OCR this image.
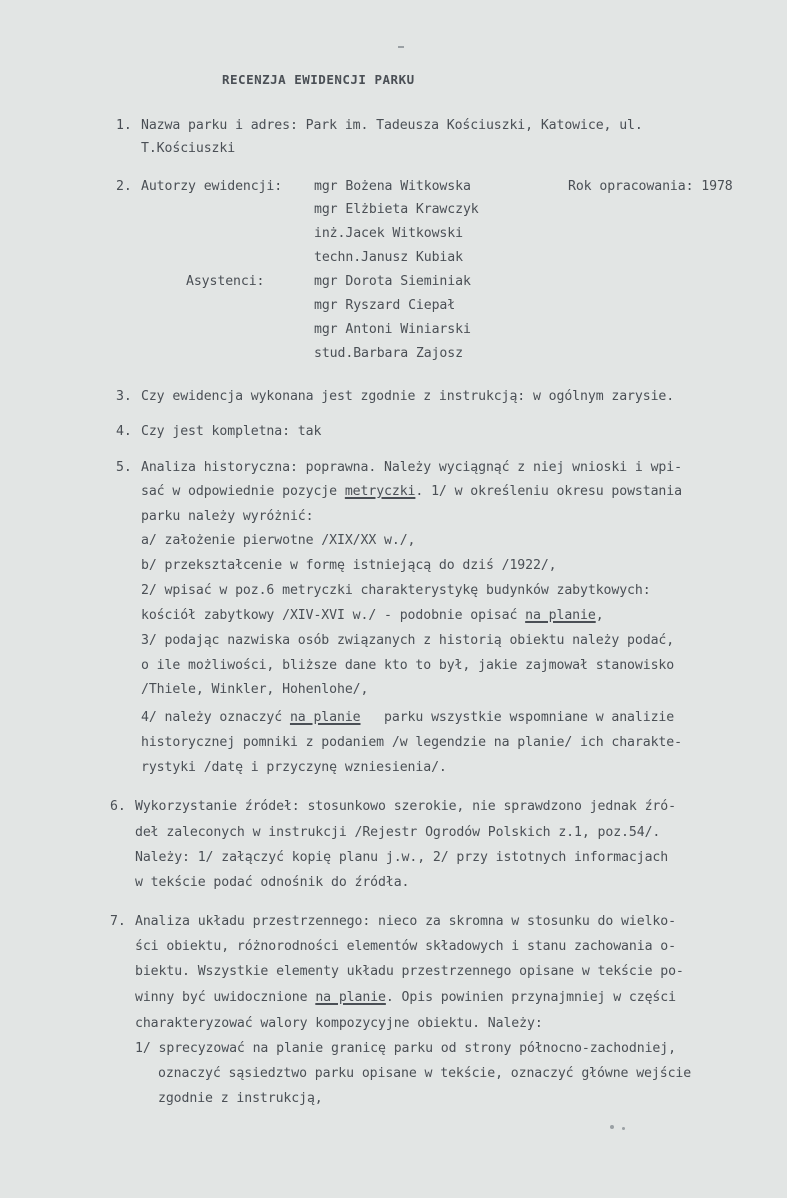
RECENZJA EWIDENCJI PARKU
1. Nazwa parku i adres: Park im. Tadeusza Kościuszki, Katowice, ul.
T.Kościuszki
2. Autorzy ewidencji: mgr Bożena Witkowska	Rok opracowania: 1978
mgr Elżbieta Krawczyk
inż.Jacek Witkowski
techn.Janusz Kubiak
Asystenci:	mgr Dorota Sieminiak
mgr Ryszard Ciepał
mgr Antoni Winiarski
stud.Barbara Zajosz
3. Czy ewidencja wykonana jest zgodnie z instrukcją: w ogólnym zarysie.
4. Czy jest kompletna: tak
5. Analiza historyczna: poprawna. Należy wyciągnąć z niej wnioski i wpi-
sać w odpowiednie pozycje metryczki. 1/ w określeniu okresu powstania
parku należy wyróżnić:
a/ założenie pierwotne /XIX/XX w./,
b/ przekształcenie w formę istniejącą do dziś /1922/,
2/ wpisać w poz.6 metryczki charakterystykę budynków zabytkowych:
kościół zabytkowy /XIV-XVI w./ - podobnie opisać na planie,
3/ podając nazwiska osób związanych z historią obiektu należy podać,
o ile możliwości, bliższe dane kto to był, jakie zajmował stanowisko
/Thiele, Winkler, Hohenlohe/,
4/ należy oznaczyć na planie   parku wszystkie wspomniane w analizie
historycznej pomniki z podaniem /w legendzie na planie/ ich charakte-
rystyki /datę i przyczynę wzniesienia/.
6. Wykorzystanie źródeł: stosunkowo szerokie, nie sprawdzono jednak źró-
deł zaleconych w instrukcji /Rejestr Ogrodów Polskich z.1, poz.54/.
Należy: 1/ załączyć kopię planu j.w., 2/ przy istotnych informacjach
w tekście podać odnośnik do źródła.
7. Analiza układu przestrzennego: nieco za skromna w stosunku do wielko-
ści obiektu, różnorodności elementów składowych i stanu zachowania o-
biektu. Wszystkie elementy układu przestrzennego opisane w tekście po-
winny być uwidocznione na planie. Opis powinien przynajmniej w części
charakteryzować walory kompozycyjne obiektu. Należy:
1/ sprecyzować na planie granicę parku od strony północno-zachodniej,
oznaczyć sąsiedztwo parku opisane w tekście, oznaczyć główne wejście
zgodnie z instrukcją,
